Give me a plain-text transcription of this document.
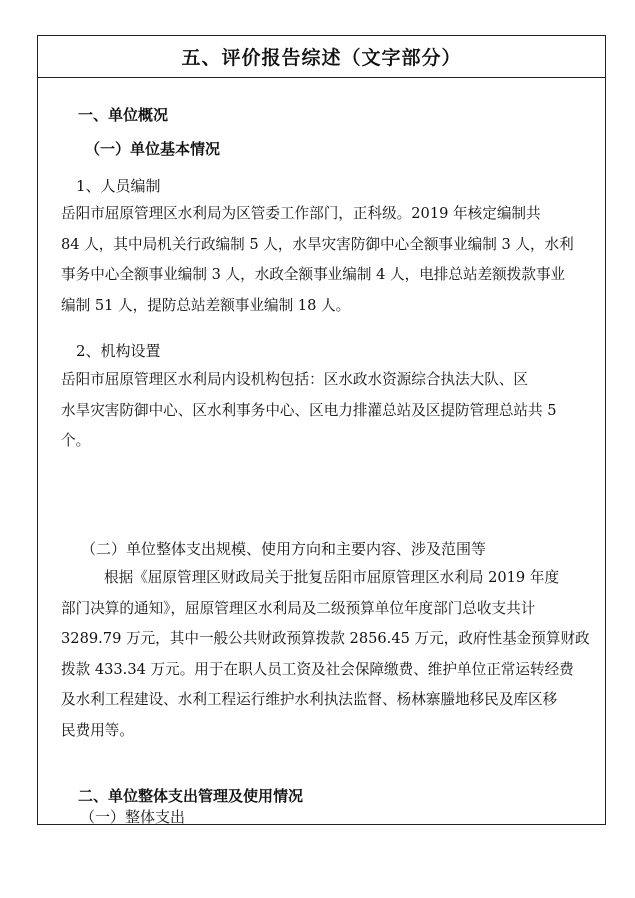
五、评价报告综述（文字部分）
一、单位概况
（一）单位基本情况
1、人员编制
岳阳市屈原管理区水利局为区管委工作部门，正科级。2019 年核定编制共
84 人，其中局机关行政编制 5 人，水旱灾害防御中心全额事业编制 3 人，水利
事务中心全额事业编制 3 人，水政全额事业编制 4 人，电排总站差额拨款事业
编制 51 人，提防总站差额事业编制 18 人。
2、机构设置
岳阳市屈原管理区水利局内设机构包括：区水政水资源综合执法大队、区
水旱灾害防御中心、区水利事务中心、区电力排灌总站及区提防管理总站共 5
个。
（二）单位整体支出规模、使用方向和主要内容、涉及范围等
根据《屈原管理区财政局关于批复岳阳市屈原管理区水利局 2019 年度
部门决算的通知》，屈原管理区水利局及二级预算单位年度部门总收支共计
3289.79 万元，其中一般公共财政预算拨款 2856.45 万元，政府性基金预算财政
拨款 433.34 万元。用于在职人员工资及社会保障缴费、维护单位正常运转经费
及水利工程建设、水利工程运行维护水利执法监督、杨林寨螣地移民及库区移
民费用等。
二、单位整体支出管理及使用情况
（一）整体支出
